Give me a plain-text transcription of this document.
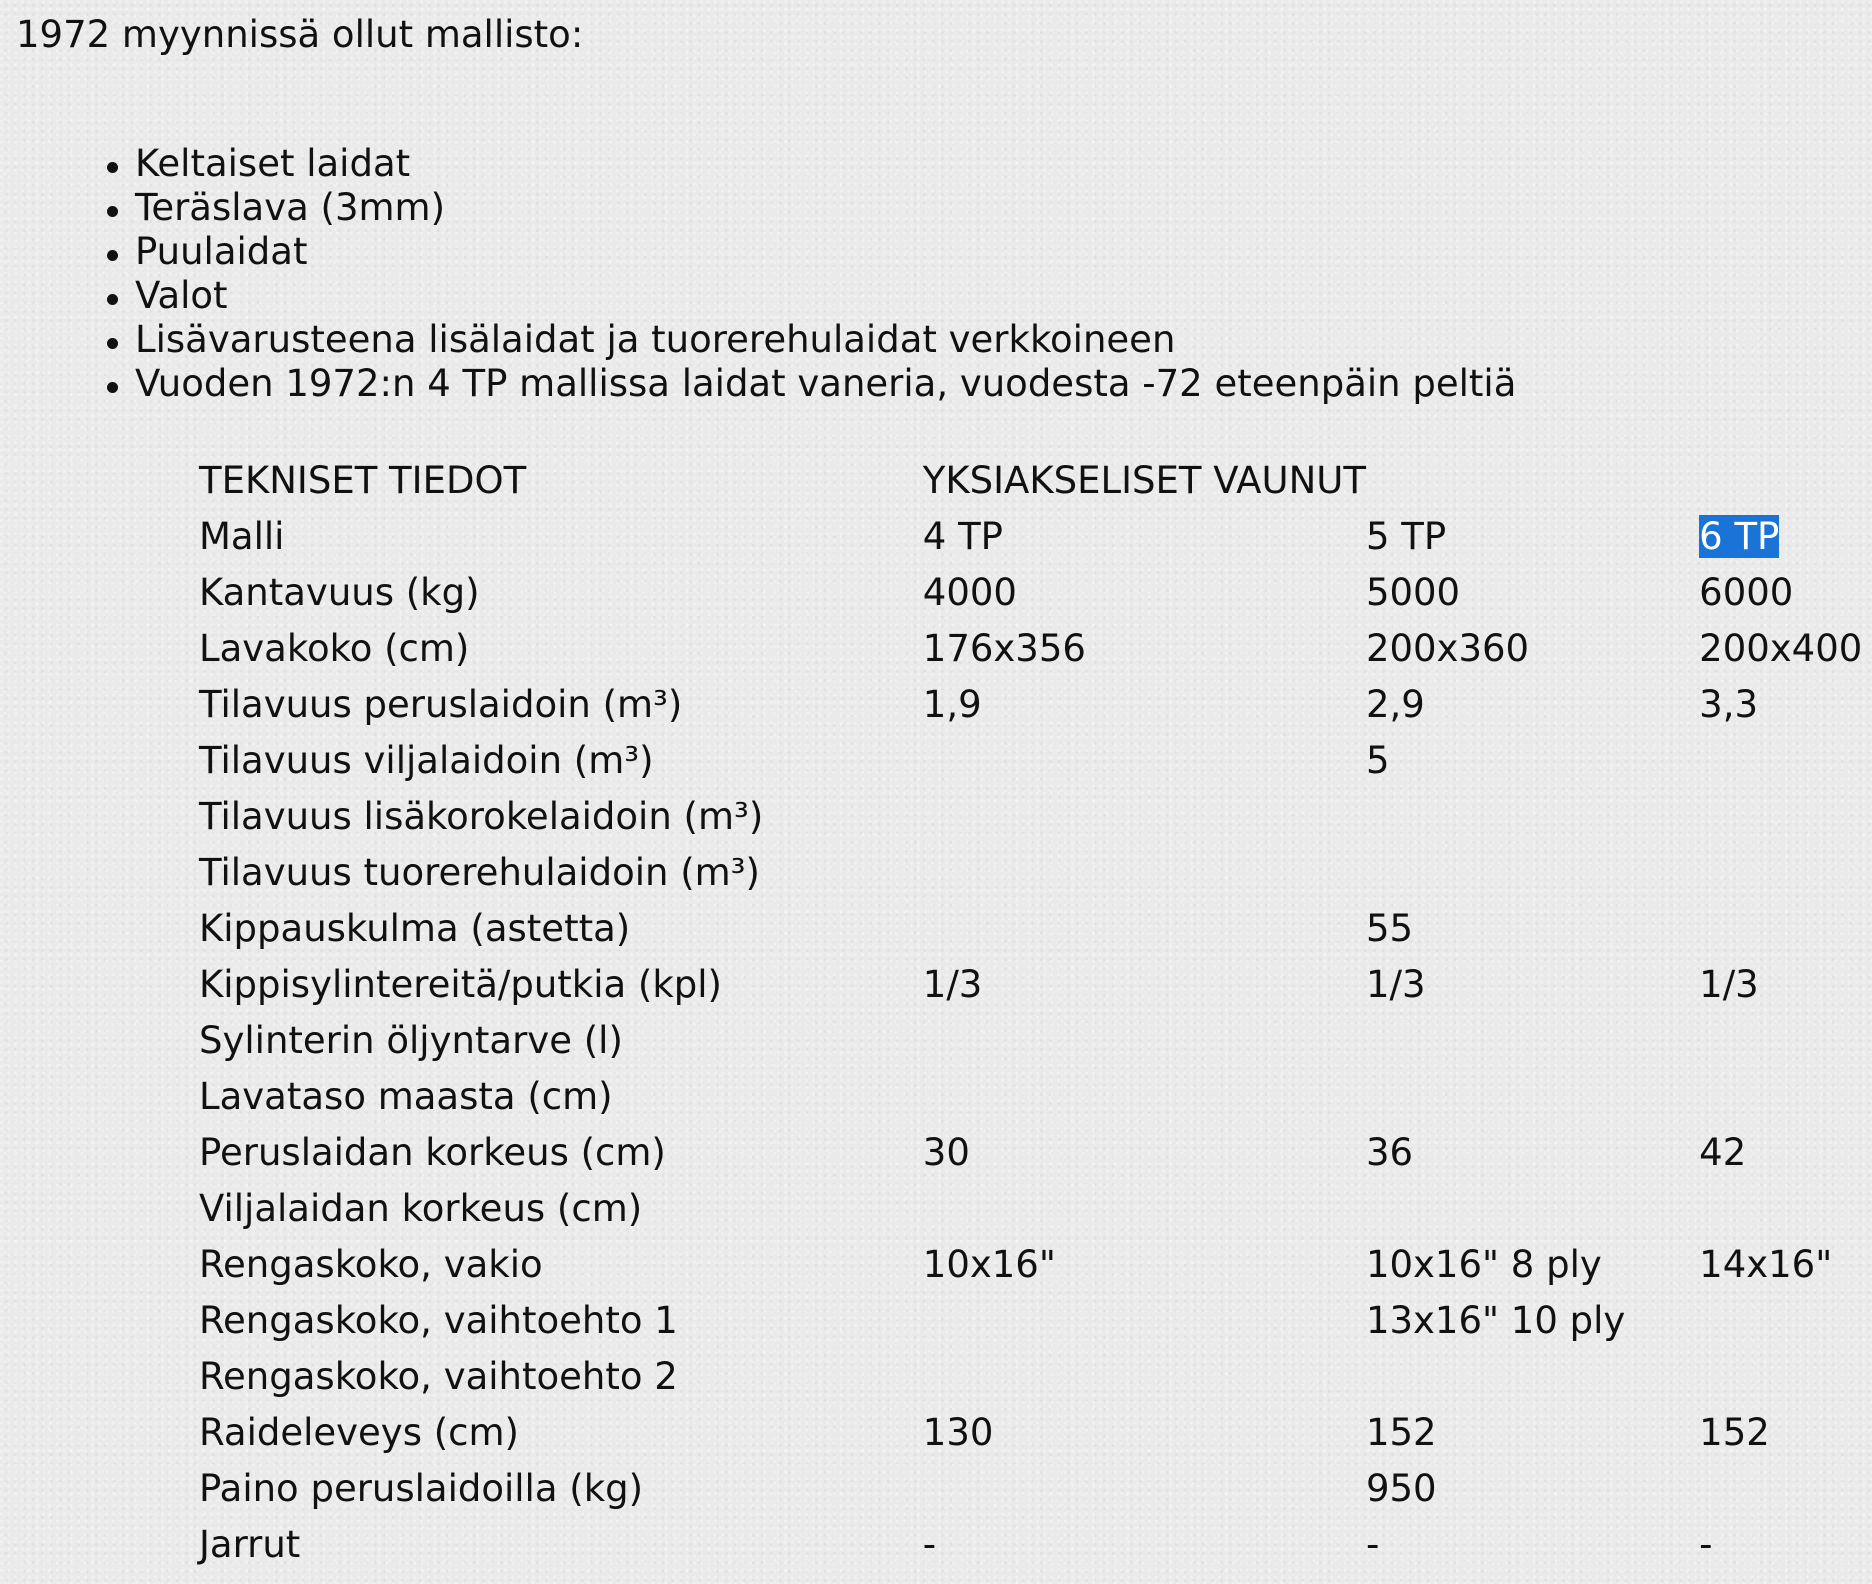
1972 myynnissä ollut mallisto:

Keltaiset laidat
Teräslava (3mm)
Puulaidat
Valot
Lisävarusteena lisälaidat ja tuorerehulaidat verkkoineen
Vuoden 1972:n 4 TP mallissa laidat vaneria, vuodesta -72 eteenpäin peltiä
TEKNISET TIEDOT	YKSIAKSELISET VAUNUT		
Malli	4 TP	5 TP	6 TP
Kantavuus (kg)	4000	5000	6000
Lavakoko (cm)	176x356	200x360	200x400
Tilavuus peruslaidoin (m³)	1,9	2,9	3,3
Tilavuus viljalaidoin (m³)		5	
Tilavuus lisäkorokelaidoin (m³)			
Tilavuus tuorerehulaidoin (m³)			
Kippauskulma (astetta)		55	
Kippisylintereitä/putkia (kpl)	1/3	1/3	1/3
Sylinterin öljyntarve (l)			
Lavataso maasta (cm)			
Peruslaidan korkeus (cm)	30	36	42
Viljalaidan korkeus (cm)			
Rengaskoko, vakio	10x16"	10x16" 8 ply	14x16"
Rengaskoko, vaihtoehto 1		13x16" 10 ply	
Rengaskoko, vaihtoehto 2			
Raideleveys (cm)	130	152	152
Paino peruslaidoilla (kg)		950	
Jarrut	-	-	-
